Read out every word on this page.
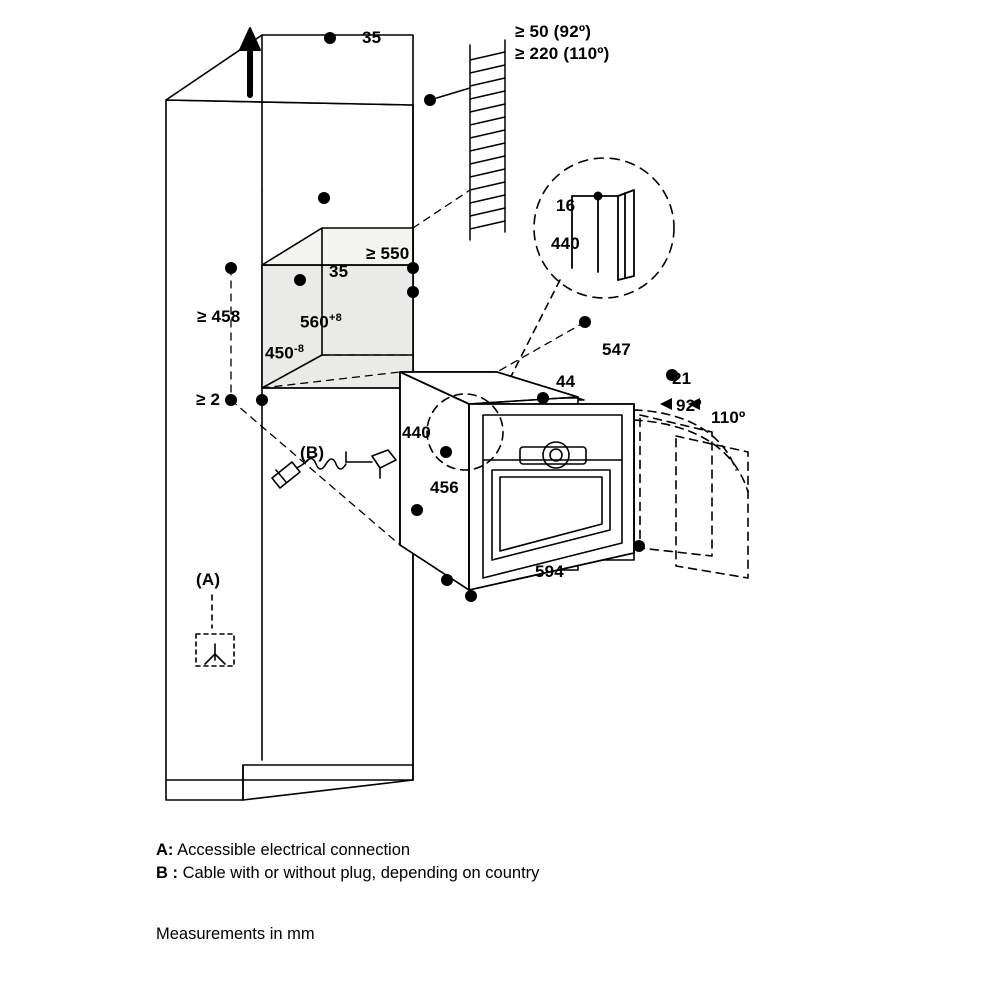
35	≥ 50 (92º)
≥ 220 (110º)
≥ 550
35
≥ 458	$560^{+8}$
$450^{-8}$
≥ 2
16
440
547
21
92º
110º
44
440
456
594
(B)
(A)
A: Accessible electrical connection
B : Cable with or without plug, depending on country
Measurements in mm
